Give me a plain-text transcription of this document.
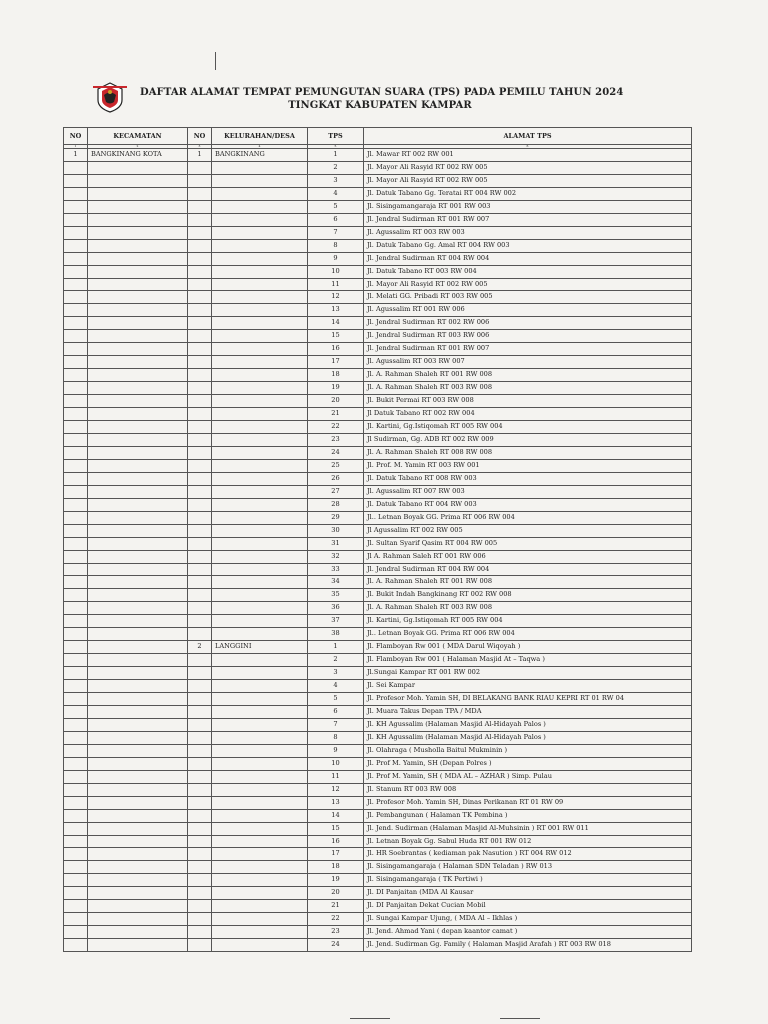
DAFTAR ALAMAT TEMPAT PEMUNGUTAN SUARA (TPS) PADA PEMILU TAHUN 2024
TINGKAT KABUPATEN KAMPAR
NO	KECAMATAN	NO	KELURAHAN/DESA	TPS	ALAMAT TPS
1	2	3	4	5	6
1	BANGKINANG KOTA	1	BANGKINANG	1	Jl. Mawar RT 002 RW 001
				2	Jl. Mayor Ali Rasyid RT 002 RW 005
				3	Jl. Mayor Ali Rasyid RT 002 RW 005
				4	Jl. Datuk Tabano Gg. Teratai RT 004 RW 002
				5	Jl. Sisingamangaraja RT 001 RW 003
				6	Jl. Jendral Sudirman RT 001 RW 007
				7	Jl. Agussalim RT 003 RW 003
				8	Jl. Datuk Tabano Gg. Amal RT 004 RW 003
				9	Jl. Jendral Sudirman RT 004 RW 004
				10	Jl. Datuk Tabano RT 003 RW 004
				11	Jl. Mayor Ali Rasyid RT 002 RW 005
				12	Jl. Melati GG. Pribadi RT 003 RW 005
				13	Jl. Agussalim RT 001 RW 006
				14	Jl. Jendral Sudirman RT 002 RW 006
				15	Jl. Jendral Sudirman RT 003 RW 006
				16	Jl. Jendral Sudirman RT 001 RW 007
				17	Jl. Agussalim RT 003 RW 007
				18	Jl. A. Rahman Shaleh RT 001 RW 008
				19	Jl. A. Rahman Shaleh RT 003 RW 008
				20	Jl. Bukit Permai RT 003 RW 008
				21	Jl Datuk Tabano RT 002 RW 004
				22	Jl. Kartini, Gg.Istiqomah RT 005 RW 004
				23	Jl Sudirman, Gg. ADB RT 002 RW 009
				24	Jl. A. Rahman Shaleh RT 008 RW 008
				25	Jl. Prof. M. Yamin RT 003 RW 001
				26	Jl. Datuk Tabano RT 008 RW 003
				27	Jl. Agussalim RT 007 RW 003
				28	Jl. Datuk Tabano RT 004 RW 003
				29	Jl.. Letnan Boyak GG. Prima RT 006 RW 004
				30	Jl Agussalim RT 002 RW 005
				31	Jl. Sultan Syarif Qasim RT 004 RW 005
				32	Jl A. Rahman Saleh RT 001 RW 006
				33	Jl. Jendral Sudirman RT 004 RW 004
				34	Jl. A. Rahman Shaleh RT 001 RW 008
				35	Jl. Bukit Indah Bangkinang RT 002 RW 008
				36	Jl. A. Rahman Shaleh RT 003 RW 008
				37	Jl. Kartini, Gg.Istiqomah RT 005 RW 004
				38	Jl.. Letnan Boyak GG. Prima RT 006 RW 004
		2	LANGGINI	1	Jl. Flamboyan Rw 001 ( MDA Darul Wiqoyah )
				2	Jl. Flamboyan Rw 001 ( Halaman Masjid At – Taqwa )
				3	Jl.Sungai Kampar RT 001 RW 002
				4	Jl. Sei Kampar
				5	Jl. Profesor Moh. Yamin SH, DI BELAKANG BANK RIAU KEPRI RT 01 RW 04
				6	Jl. Muara Takus Depan TPA / MDA
				7	Jl. KH Agussalim (Halaman Masjid Al-Hidayah Palos )
				8	Jl. KH Agussalim (Halaman Masjid Al-Hidayah Palos )
				9	Jl. Olahraga ( Musholla Baitul Mukminin )
				10	Jl. Prof M. Yamin, SH (Depan Polres )
				11	Jl. Prof M. Yamin, SH ( MDA AL – AZHAR ) Simp. Pulau
				12	Jl. Stanum RT 003 RW 008
				13	Jl. Profesor Moh. Yamin SH, Dinas Perikanan RT 01 RW 09
				14	Jl. Pembangunan ( Halaman TK Pembina )
				15	Jl. Jend. Sudirman (Halaman Masjid Al-Muhsinin ) RT 001 RW 011
				16	Jl. Letnan Boyak Gg. Sabul Huda RT 001 RW 012
				17	Jl. HR Soebrantas ( kediaman pak Nasution ) RT 004 RW 012
				18	Jl. Sisingamangaraja ( Halaman SDN Teladan ) RW 013
				19	Jl. Sisingamangaraja ( TK Pertiwi )
				20	Jl. DI Panjaitan (MDA Al Kausar
				21	Jl. DI Panjaitan Dekat Cucian Mobil
				22	Jl. Sungai Kampar Ujung, ( MDA Al – Ikhlas )
				23	Jl. Jend. Ahmad Yani ( depan kaantor camat )
				24	Jl. Jend. Sudirman Gg. Family ( Halaman Masjid Arafah ) RT 003 RW 018
